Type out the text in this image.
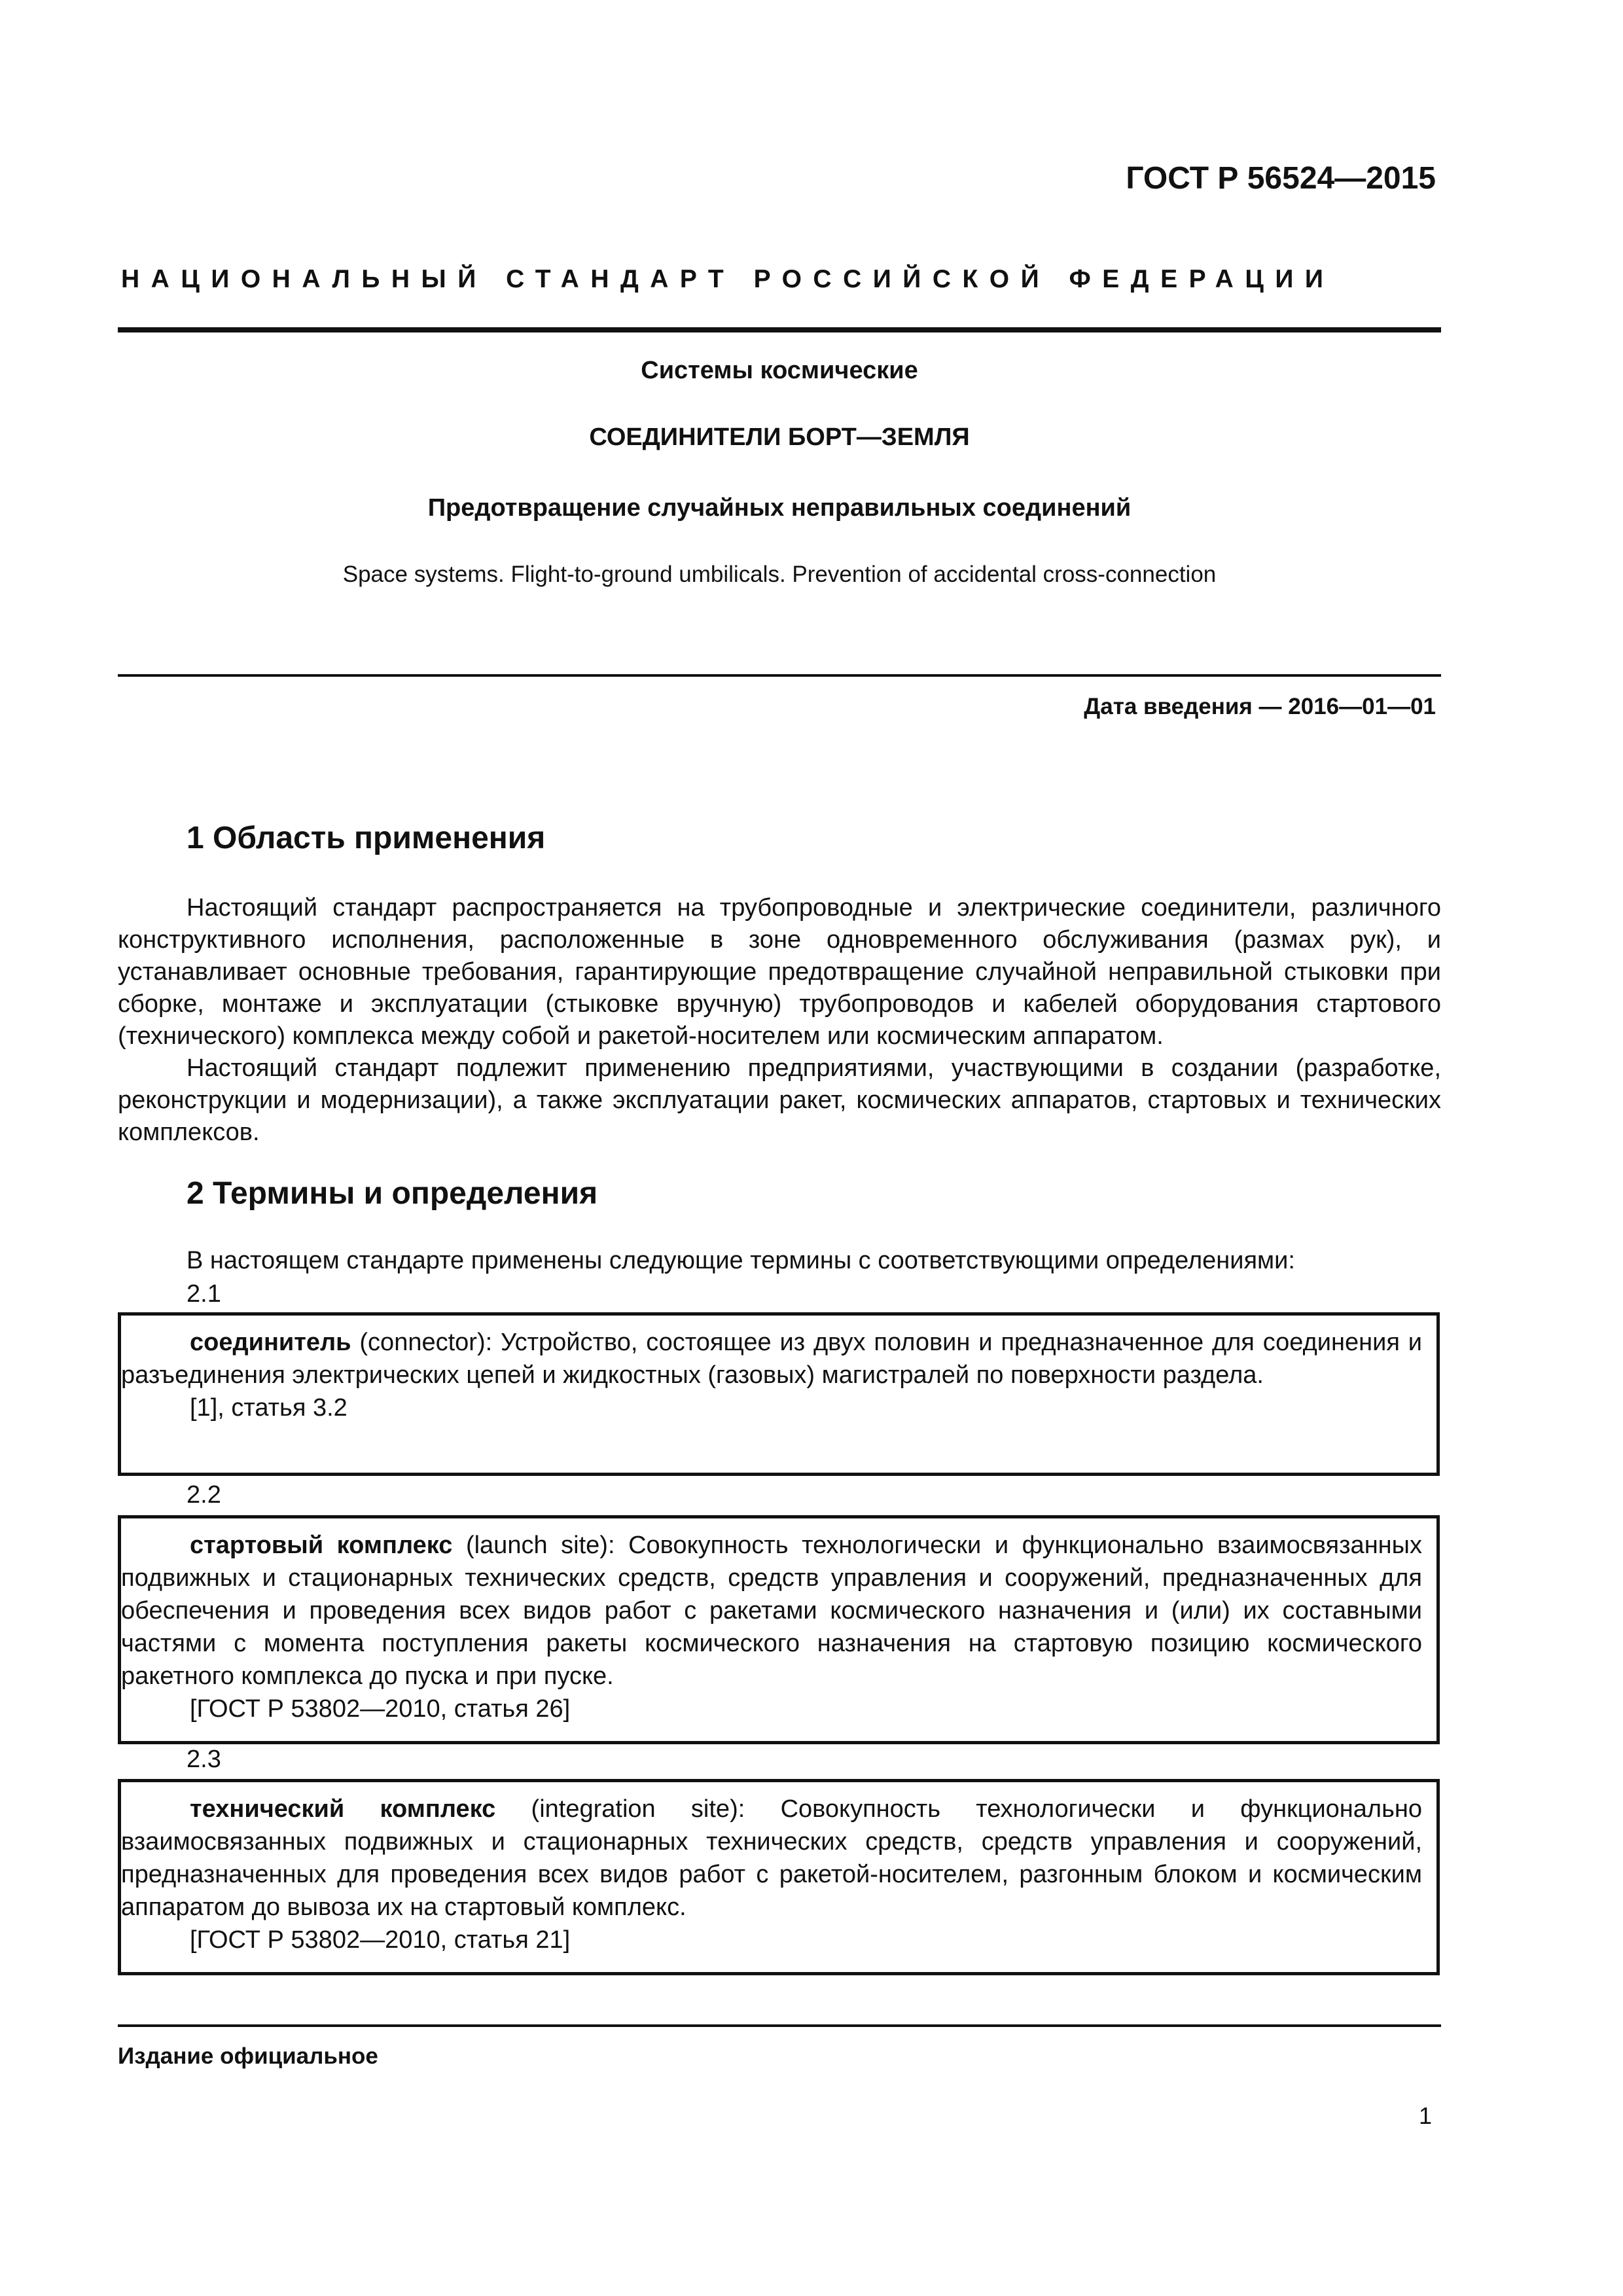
ГОСТ Р 56524—2015
НАЦИОНАЛЬНЫЙ СТАНДАРТ РОССИЙСКОЙ ФЕДЕРАЦИИ
Системы космические
СОЕДИНИТЕЛИ БОРТ—ЗЕМЛЯ
Предотвращение случайных неправильных соединений
Space systems. Flight-to-ground umbilicals. Prevention of accidental cross-connection
Дата введения — 2016—01—01
1 Область применения

Настоящий стандарт распространяется на трубопроводные и электрические соединители, различного конструктивного исполнения, расположенные в зоне одновременного обслуживания (размах рук), и устанавливает основные требования, гарантирующие предотвращение случайной неправильной стыковки при сборке, монтаже и эксплуатации (стыковке вручную) трубопроводов и кабелей оборудования стартового (технического) комплекса между собой и ракетой-носителем или космическим аппаратом.

Настоящий стандарт подлежит применению предприятиями, участвующими в создании (разработке, реконструкции и модернизации), а также эксплуатации ракет, космических аппаратов, стартовых и технических комплексов.

2 Термины и определения
В настоящем стандарте применены следующие термины с соответствующими определениями:
2.1

соединитель (connector): Устройство, состоящее из двух половин и предназначенное для соединения и разъединения электрических цепей и жидкостных (газовых) магистралей по поверхности раздела.

[1], статья 3.2

2.2

стартовый комплекс (launch site): Совокупность технологически и функционально взаимосвязанных подвижных и стационарных технических средств, средств управления и сооружений, предназначенных для обеспечения и проведения всех видов работ с ракетами космического назначения и (или) их составными частями с момента поступления ракеты космического назначения на стартовую позицию космического ракетного комплекса до пуска и при пуске.

[ГОСТ Р 53802—2010, статья 26]

2.3

технический комплекс (integration site): Совокупность технологически и функционально взаимосвязанных подвижных и стационарных технических средств, средств управления и сооружений, предназначенных для проведения всех видов работ с ракетой-носителем, разгонным блоком и космическим аппаратом до вывоза их на стартовый комплекс.

[ГОСТ Р 53802—2010, статья 21]

Издание официальное
1
